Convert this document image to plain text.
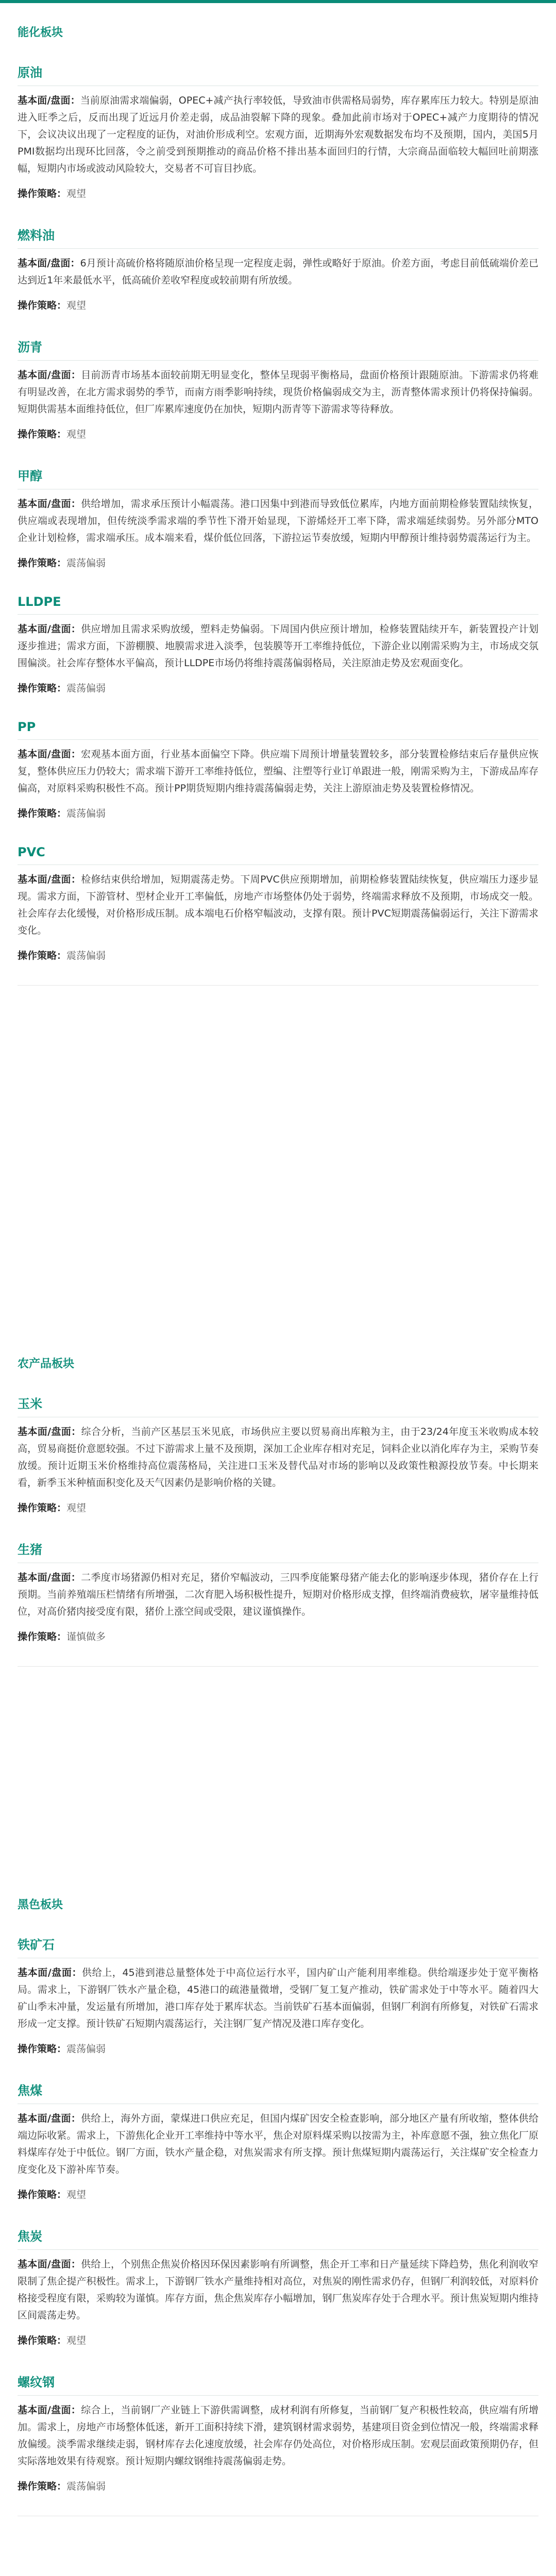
能化板块
原油

基本面/盘面：当前原油需求端偏弱，OPEC+减产执行率较低，导致油市供需格局弱势，库存累库压力较大。特别是原油进入旺季之后，反而出现了近远月价差走弱，成品油裂解下降的现象。叠加此前市场对于OPEC+减产力度期待的情况下，会议决议出现了一定程度的证伪，对油价形成利空。宏观方面，近期海外宏观数据发布均不及预期，国内，美国5月PMI数据均出现环比回落，令之前受到预期推动的商品价格不排出基本面回归的行情，大宗商品面临较大幅回吐前期涨幅，短期内市场或波动风险较大，交易者不可盲目抄底。

操作策略：观望

燃料油

基本面/盘面：6月预计高硫价格将随原油价格呈现一定程度走弱，弹性或略好于原油。价差方面，考虑目前低硫端价差已达到近1年来最低水平，低高硫价差收窄程度或较前期有所放缓。

操作策略：观望

沥青

基本面/盘面：目前沥青市场基本面较前期无明显变化，整体呈现弱平衡格局，盘面价格预计跟随原油。下游需求仍将难有明显改善，在北方需求弱势的季节，而南方雨季影响持续，现货价格偏弱成交为主，沥青整体需求预计仍将保持偏弱。短期供需基本面维持低位，但厂库累库速度仍在加快，短期内沥青等下游需求等待释放。

操作策略：观望

甲醇

基本面/盘面：供给增加，需求承压预计小幅震荡。港口因集中到港而导致低位累库，内地方面前期检修装置陆续恢复，供应端或表现增加，但传统淡季需求端的季节性下滑开始显现，下游烯烃开工率下降，需求端延续弱势。另外部分MTO企业计划检修，需求端承压。成本端来看，煤价低位回落，下游拉运节奏放缓，短期内甲醇预计维持弱势震荡运行为主。

操作策略：震荡偏弱

LLDPE

基本面/盘面：供应增加且需求采购放缓，塑料走势偏弱。下周国内供应预计增加，检修装置陆续开车，新装置投产计划逐步推进；需求方面，下游棚膜、地膜需求进入淡季，包装膜等开工率维持低位，下游企业以刚需采购为主，市场成交氛围偏淡。社会库存整体水平偏高，预计LLDPE市场仍将维持震荡偏弱格局，关注原油走势及宏观面变化。

操作策略：震荡偏弱

PP

基本面/盘面：宏观基本面方面，行业基本面偏空下降。供应端下周预计增量装置较多，部分装置检修结束后存量供应恢复，整体供应压力仍较大；需求端下游开工率维持低位，塑编、注塑等行业订单跟进一般，刚需采购为主，下游成品库存偏高，对原料采购积极性不高。预计PP期货短期内维持震荡偏弱走势，关注上游原油走势及装置检修情况。

操作策略：震荡偏弱

PVC

基本面/盘面：检修结束供给增加，短期震荡走势。下周PVC供应预期增加，前期检修装置陆续恢复，供应端压力逐步显现。需求方面，下游管材、型材企业开工率偏低，房地产市场整体仍处于弱势，终端需求释放不及预期，市场成交一般。社会库存去化缓慢，对价格形成压制。成本端电石价格窄幅波动，支撑有限。预计PVC短期震荡偏弱运行，关注下游需求变化。

操作策略：震荡偏弱

农产品板块
玉米

基本面/盘面：综合分析，当前产区基层玉米见底，市场供应主要以贸易商出库粮为主，由于23/24年度玉米收购成本较高，贸易商挺价意愿较强。不过下游需求上量不及预期，深加工企业库存相对充足，饲料企业以消化库存为主，采购节奏放缓。预计近期玉米价格维持高位震荡格局，关注进口玉米及替代品对市场的影响以及政策性粮源投放节奏。中长期来看，新季玉米种植面积变化及天气因素仍是影响价格的关键。

操作策略：观望

生猪

基本面/盘面：二季度市场猪源仍相对充足，猪价窄幅波动，三四季度能繁母猪产能去化的影响逐步体现，猪价存在上行预期。当前养殖端压栏情绪有所增强，二次育肥入场积极性提升，短期对价格形成支撑，但终端消费疲软，屠宰量维持低位，对高价猪肉接受度有限，猪价上涨空间或受限，建议谨慎操作。

操作策略：谨慎做多

黑色板块
铁矿石

基本面/盘面：供给上，45港到港总量整体处于中高位运行水平，国内矿山产能利用率维稳。供给端逐步处于宽平衡格局。需求上，下游钢厂铁水产量企稳，45港口的疏港量微增，受钢厂复工复产推动，铁矿需求处于中等水平。随着四大矿山季末冲量，发运量有所增加，港口库存处于累库状态。当前铁矿石基本面偏弱，但钢厂利润有所修复，对铁矿石需求形成一定支撑。预计铁矿石短期内震荡运行，关注钢厂复产情况及港口库存变化。

操作策略：震荡偏弱

焦煤

基本面/盘面：供给上，海外方面，蒙煤进口供应充足，但国内煤矿因安全检查影响，部分地区产量有所收缩，整体供给端边际收紧。需求上，下游焦化企业开工率维持中等水平，焦企对原料煤采购以按需为主，补库意愿不强，独立焦化厂原料煤库存处于中低位。钢厂方面，铁水产量企稳，对焦炭需求有所支撑。预计焦煤短期内震荡运行，关注煤矿安全检查力度变化及下游补库节奏。

操作策略：观望

焦炭

基本面/盘面：供给上，个别焦企焦炭价格因环保因素影响有所调整，焦企开工率和日产量延续下降趋势，焦化利润收窄限制了焦企提产积极性。需求上，下游钢厂铁水产量维持相对高位，对焦炭的刚性需求仍存，但钢厂利润较低，对原料价格接受程度有限，采购较为谨慎。库存方面，焦企焦炭库存小幅增加，钢厂焦炭库存处于合理水平。预计焦炭短期内维持区间震荡走势。

操作策略：观望

螺纹钢

基本面/盘面：综合上，当前钢厂产业链上下游供需调整，成材利润有所修复，当前钢厂复产积极性较高，供应端有所增加。需求上，房地产市场整体低迷，新开工面积持续下滑，建筑钢材需求弱势，基建项目资金到位情况一般，终端需求释放偏缓。淡季需求继续走弱，钢材库存去化速度放缓，社会库存仍处高位，对价格形成压制。宏观层面政策预期仍存，但实际落地效果有待观察。预计短期内螺纹钢维持震荡偏弱走势。

操作策略：震荡偏弱
